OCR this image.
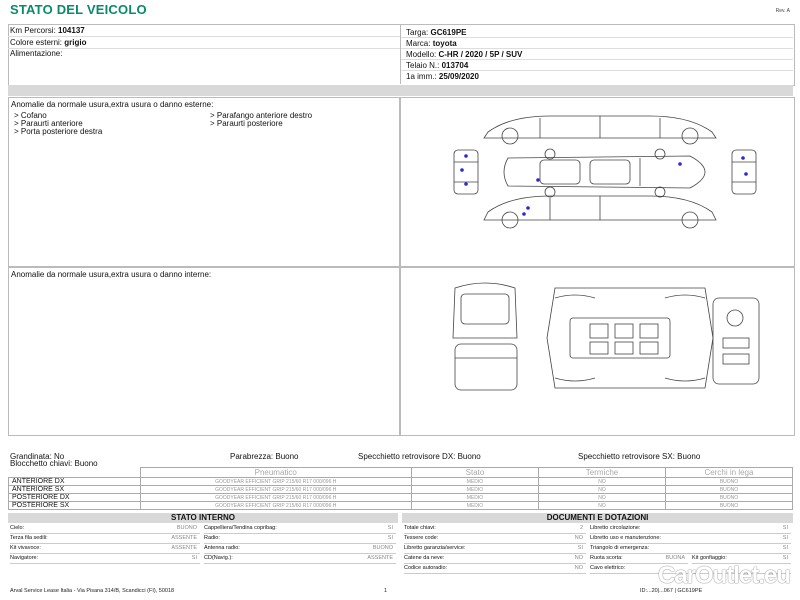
STATO DEL VEICOLO	Rev. A
Km Percorsi: 104137
Colore esterni: grigio
Alimentazione:
Targa: GC619PE
Marca: toyota
Modello: C-HR / 2020 / 5P / SUV
Telaio N.: 013704
1a imm.: 25/09/2020
Anomalie da normale usura,extra usura o danno esterne:
> Cofano
> Paraurti anteriore
> Porta posteriore destra
> Parafango anteriore destro
> Paraurti posteriore
Anomalie da normale usura,extra usura o danno interne:
Grandinata: No	Parabrezza: Buono	Specchietto retrovisore DX: Buono	Specchietto retrovisore SX: Buono
Blocchetto chiavi: Buono
	Pneumatico	Stato	Termiche	Cerchi in lega
ANTERIORE DX	GOODYEAR EFFICIENT GRIP 215/60 R17 000/096 H	MEDIO	NO	BUONO
ANTERIORE SX	GOODYEAR EFFICIENT GRIP 215/60 R17 000/096 H	MEDIO	NO	BUONO
POSTERIORE DX	GOODYEAR EFFICIENT GRIP 215/60 R17 000/096 H	MEDIO	NO	BUONO
POSTERIORE SX	GOODYEAR EFFICIENT GRIP 215/60 R17 000/096 H	MEDIO	NO	BUONO
STATO INTERNO
Cielo:	BUONO
Terza fila sedili:	ASSENTE
Kit vivavoce:	ASSENTE
Navigatore:	SI
Cappelliera/Tendina copribag:	SI
Radio:	SI
Antenna radio:	BUONO
CD(Navig.):	ASSENTE
DOCUMENTI E DOTAZIONI
Totale chiavi:	2
Tessere code:	NO
Libretto garanzia/service:	SI
Catene da neve:	NO
Codice autoradio:	NO
Libretto circolazione:	SI
Libretto uso e manutenzione:	SI
Triangolo di emergenza:	SI
Ruota scorta:	BUONA Kit gonfiaggio:	SI
Cavo elettrico:
Arval Service Lease Italia - Via Pisana 314/B, Scandicci (FI), 50018	1	ID:...20|...067 | GC619PE
CarOutlet.eu
